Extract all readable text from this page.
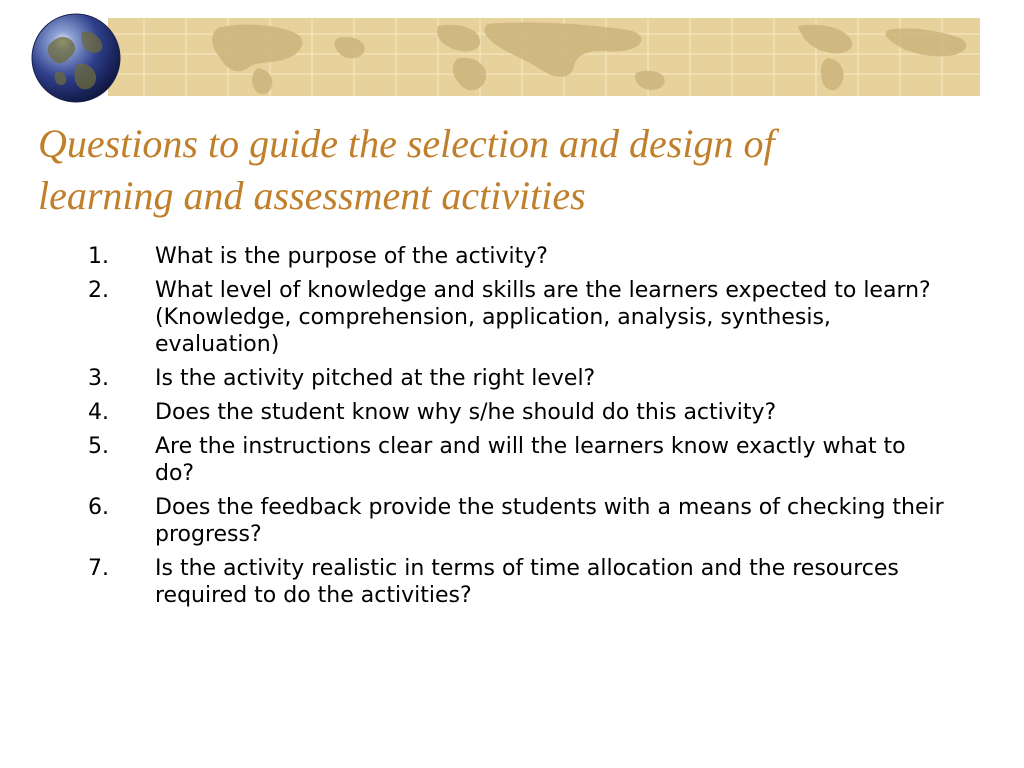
Questions to guide the selection and design of
learning and assessment activities
1.	What is the purpose of the activity?
2.	What level of knowledge and skills are the learners expected to learn? (Knowledge, comprehension, application, analysis, synthesis, evaluation)
3.	Is the activity pitched at the right level?
4.	Does the student know why s/he should do this activity?
5.	Are the instructions clear and will the learners know exactly what to do?
6.	Does the feedback provide the students with a means of checking their progress?
7.	Is the activity realistic in terms of time allocation and the resources required to do the activities?
